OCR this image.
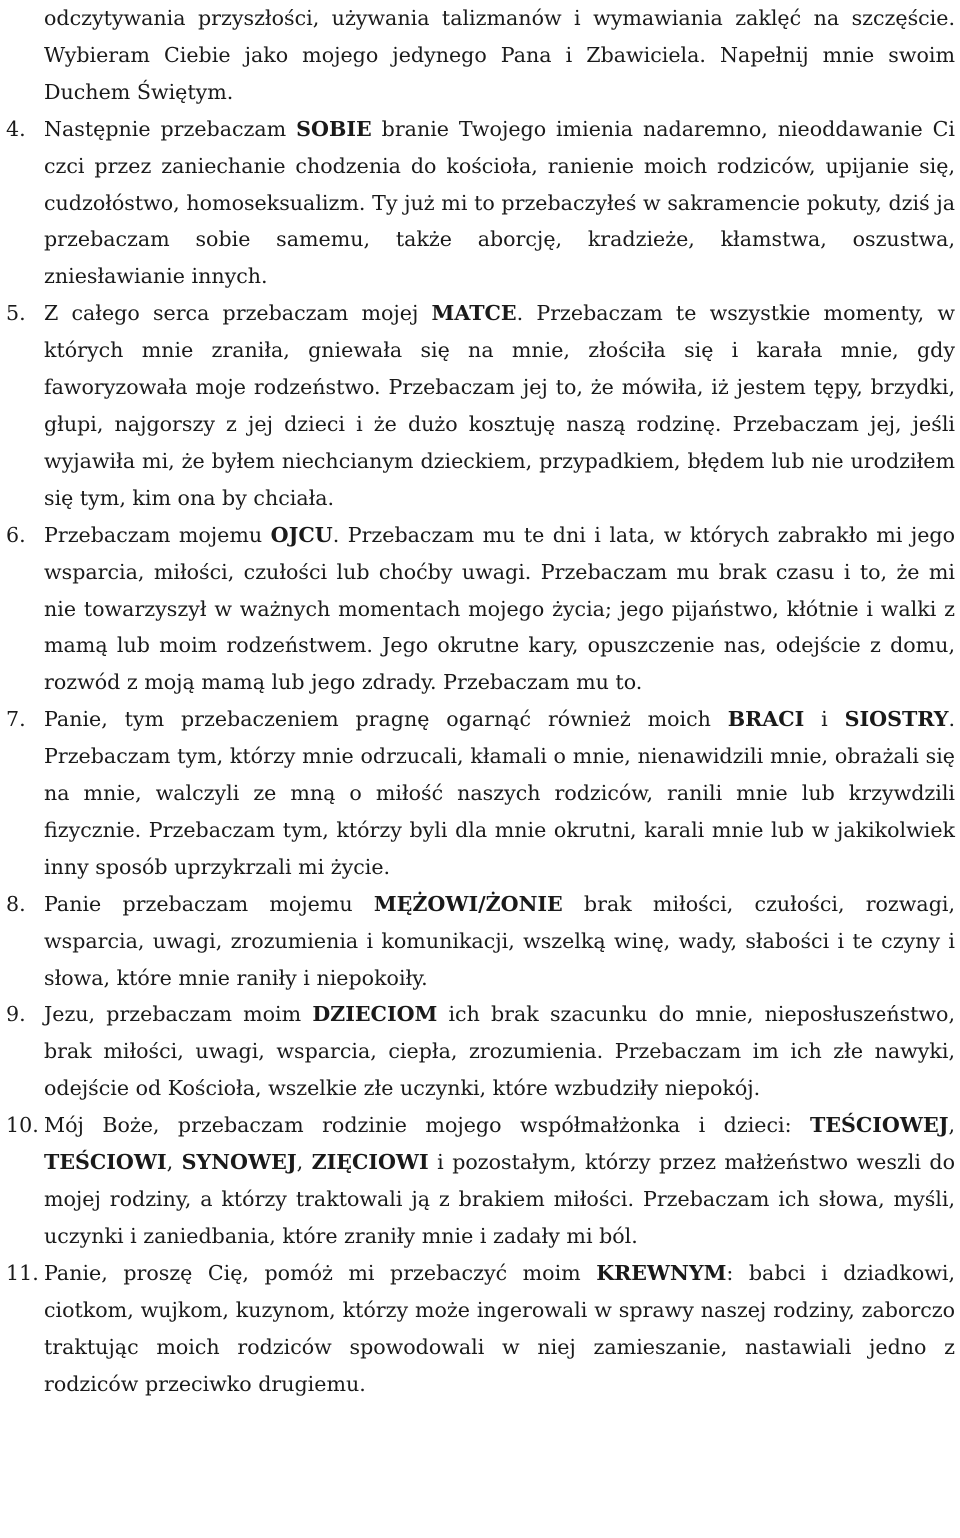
odczytywania przyszłości, używania talizmanów i wymawiania zaklęć na szczęście. Wybieram Ciebie jako mojego jedynego Pana i Zbawiciela. Napełnij mnie swoim Duchem Świętym.

4. Następnie przebaczam SOBIE branie Twojego imienia nadaremno, nieoddawanie Ci czci przez zaniechanie chodzenia do kościoła, ranienie moich rodziców, upijanie się, cudzołóstwo, homoseksualizm. Ty już mi to przebaczyłeś w sakramencie pokuty, dziś ja przebaczam sobie samemu, także aborcję, kradzieże, kłamstwa, oszustwa, zniesławianie innych.
5. Z całego serca przebaczam mojej MATCE. Przebaczam te wszystkie momenty, w których mnie zraniła, gniewała się na mnie, złościła się i karała mnie, gdy faworyzowała moje rodzeństwo. Przebaczam jej to, że mówiła, iż jestem tępy, brzydki, głupi, najgorszy z jej dzieci i że dużo kosztuję naszą rodzinę. Przebaczam jej, jeśli wyjawiła mi, że byłem niechcianym dzieckiem, przypadkiem, błędem lub nie urodziłem się tym, kim ona by chciała.
6. Przebaczam mojemu OJCU. Przebaczam mu te dni i lata, w których zabrakło mi jego wsparcia, miłości, czułości lub choćby uwagi. Przebaczam mu brak czasu i to, że mi nie towarzyszył w ważnych momentach mojego życia; jego pijaństwo, kłótnie i walki z mamą lub moim rodzeństwem. Jego okrutne kary, opuszczenie nas, odejście z domu, rozwód z moją mamą lub jego zdrady. Przebaczam mu to.
7. Panie, tym przebaczeniem pragnę ogarnąć również moich BRACI i SIOSTRY. Przebaczam tym, którzy mnie odrzucali, kłamali o mnie, nienawidzili mnie, obrażali się na mnie, walczyli ze mną o miłość naszych rodziców, ranili mnie lub krzywdzili fizycznie. Przebaczam tym, którzy byli dla mnie okrutni, karali mnie lub w jakikolwiek inny sposób uprzykrzali mi życie.
8. Panie przebaczam mojemu MĘŻOWI/ŻONIE brak miłości, czułości, rozwagi, wsparcia, uwagi, zrozumienia i komunikacji, wszelką winę, wady, słabości i te czyny i słowa, które mnie raniły i niepokoiły.
9. Jezu, przebaczam moim DZIECIOM ich brak szacunku do mnie, nieposłuszeństwo, brak miłości, uwagi, wsparcia, ciepła, zrozumienia. Przebaczam im ich złe nawyki, odejście od Kościoła, wszelkie złe uczynki, które wzbudziły niepokój.
10. Mój Boże, przebaczam rodzinie mojego współmałżonka i dzieci: TEŚCIOWEJ, TEŚCIOWI, SYNOWEJ, ZIĘCIOWI i pozostałym, którzy przez małżeństwo weszli do mojej rodziny, a którzy traktowali ją z brakiem miłości. Przebaczam ich słowa, myśli, uczynki i zaniedbania, które zraniły mnie i zadały mi ból.
11. Panie, proszę Cię, pomóż mi przebaczyć moim KREWNYM: babci i dziadkowi, ciotkom, wujkom, kuzynom, którzy może ingerowali w sprawy naszej rodziny, zaborczo traktując moich rodziców spowodowali w niej zamieszanie, nastawiali jedno z rodziców przeciwko drugiemu.
